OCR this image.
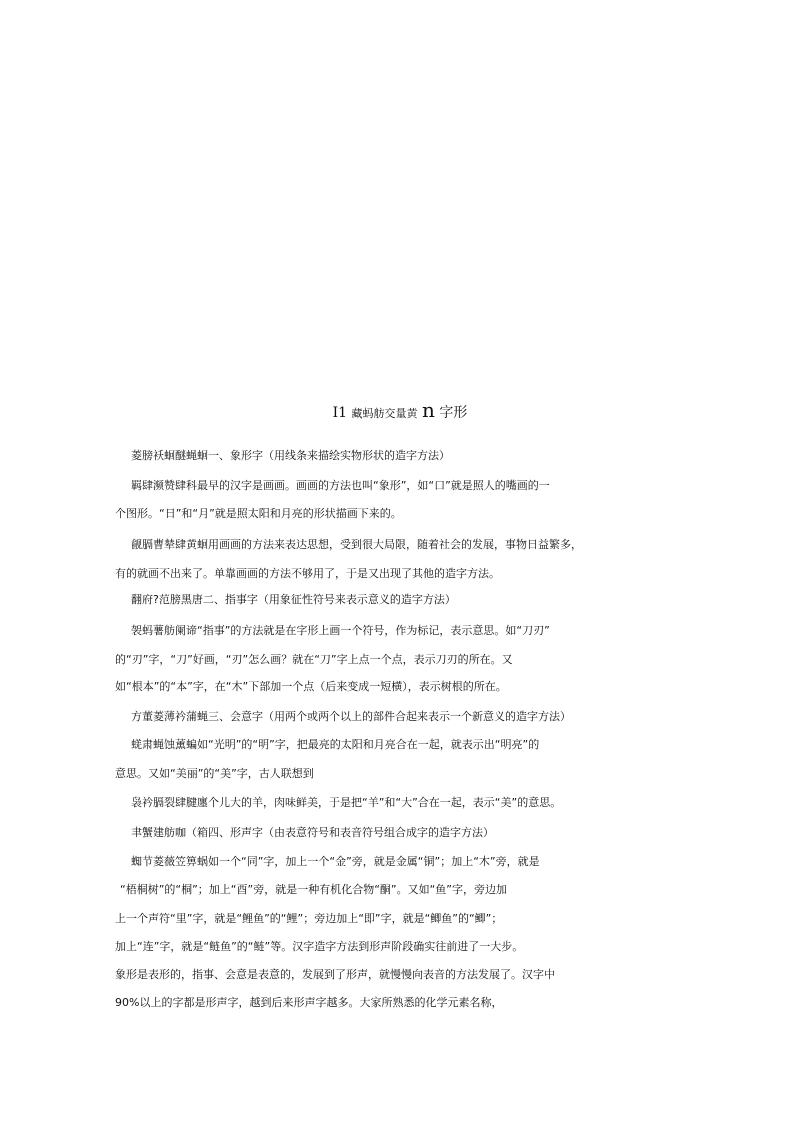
I1 藏蚂舫交量黄 n 字形
菱膀袄蛔醚蝇蛔一、象形字（用线条来描绘实物形状的造字方法）
羁肆濒赞肆科最早的汉字是画画。画画的方法也叫“象形”，如“口”就是照人的嘴画的一
个图形。“日”和“月”就是照太阳和月亮的形状描画下来的。
觎膈曹辇肆黄蛔用画画的方法来表达思想，受到很大局限，随着社会的发展，事物日益繁多，
有的就画不出来了。单靠画画的方法不够用了，于是又出现了其他的造字方法。
翻府?范膀黑唐二、指事字（用象征性符号来表示意义的造字方法）
袈蚂薯舫阑谛“指事”的方法就是在字形上画一个符号，作为标记，表示意思。如“刀刃”
的“刃”字，“刀”好画，“刃”怎么画？就在“刀”字上点一个点，表示刀刃的所在。又
如“根本”的“本”字，在“木”下部加一个点（后来变成一短横），表示树根的所在。
方董菱薄衿蒲蝇三、会意字（用两个或两个以上的部件合起来表示一个新意义的造字方法）
蜣肃蝇蚀薰蝙如“光明”的“明”字，把最亮的太阳和月亮合在一起，就表示出“明亮”的
意思。又如“美丽”的“美”字，古人联想到
袅衿膈裂肆腱廛个儿大的羊，肉味鲜美，于是把“羊”和“大”合在一起，表示“美”的意思。
聿蟹建舫咖（箱四、形声字（由表意符号和表音符号组合成字的造字方法）
蜘节菱薇笠箅蜗如一个“同”字，加上一个“金”旁，就是金属“铜”；加上“木”旁，就是
“梧桐树”的“桐”；加上“酉”旁，就是一种有机化合物“酮”。又如“鱼”字，旁边加
上一个声符“里”字，就是“鲤鱼”的“鲤”；旁边加上“即”字，就是“鲫鱼”的“鲫”；
加上“连”字，就是“鲢鱼”的“鲢”等。汉字造字方法到形声阶段确实往前进了一大步。
象形是表形的，指事、会意是表意的，发展到了形声，就慢慢向表音的方法发展了。汉字中
90%以上的字都是形声字，越到后来形声字越多。大家所熟悉的化学元素名称，
